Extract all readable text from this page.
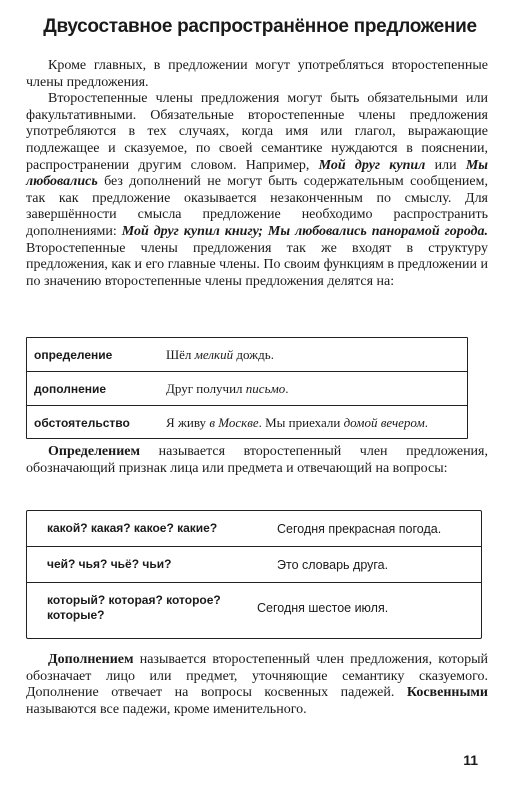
Двусоставное распространённое предложение

Кроме главных, в предложении могут употребляться второстепенные члены предложения.

Второстепенные члены предложения могут быть обязательными или факультативными. Обязательные второстепенные члены предложения употребляются в тех случаях, когда имя или глагол, выражающие подлежащее и сказуемое, по своей семантике нуждаются в пояснении, распространении другим словом. Например, Мой друг купил или Мы любовались без дополнений не могут быть содержательным сообщением, так как предложение оказывается незаконченным по смыслу. Для завершённости смысла предложение необходимо распространить дополнениями: Мой друг купил книгу; Мы любовались панорамой города. Второстепенные члены предложения так же входят в структуру предложения, как и его главные члены. По своим функциям в предложении и по значению второстепенные члены предложения делятся на:

определение	Шёл мелкий дождь.
дополнение	Друг получил письмо.
обстоятельство	Я живу в Москве. Мы приехали домой вечером.

Определением называется второстепенный член предложения, обозначающий признак лица или предмета и отвечающий на вопросы:

какой? какая? какое? какие?	Сегодня прекрасная погода.
чей? чья? чьё? чьи?	Это словарь друга.
который? которая? которое? которые?	Сегодня шестое июля.

Дополнением называется второстепенный член предложения, который обозначает лицо или предмет, уточняющие семантику сказуемого. Дополнение отвечает на вопросы косвенных падежей. Косвенными называются все падежи, кроме именительного.

11
